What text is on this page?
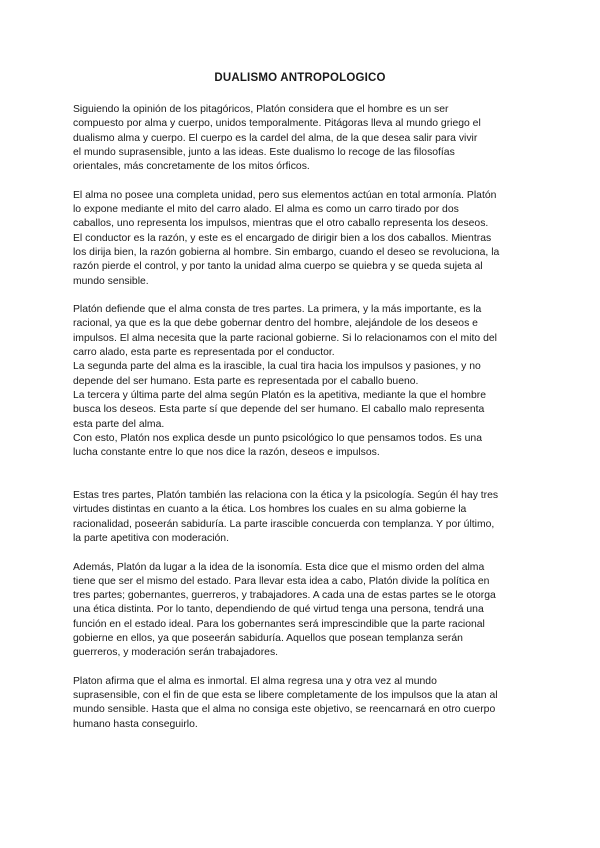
DUALISMO ANTROPOLOGICO
Siguiendo la opinión de los pitagóricos, Platón considera que el hombre es un ser
compuesto por alma y cuerpo, unidos temporalmente. Pitágoras lleva al mundo griego el
dualismo alma y cuerpo. El cuerpo es la cardel del alma, de la que desea salir para vivir
el mundo suprasensible, junto a las ideas. Este dualismo lo recoge de las filosofías
orientales, más concretamente de los mitos órficos.
El alma no posee una completa unidad, pero sus elementos actúan en total armonía. Platón
lo expone mediante el mito del carro alado. El alma es como un carro tirado por dos
caballos, uno representa los impulsos, mientras que el otro caballo representa los deseos.
El conductor es la razón, y este es el encargado de dirigir bien a los dos caballos. Mientras
los dirija bien, la razón gobierna al hombre. Sin embargo, cuando el deseo se revoluciona, la
razón pierde el control, y por tanto la unidad alma cuerpo se quiebra y se queda sujeta al
mundo sensible.
Platón defiende que el alma consta de tres partes. La primera, y la más importante, es la
racional, ya que es la que debe gobernar dentro del hombre, alejándole de los deseos e
impulsos. El alma necesita que la parte racional gobierne. Si lo relacionamos con el mito del
carro alado, esta parte es representada por el conductor.
La segunda parte del alma es la irascible, la cual tira hacia los impulsos y pasiones, y no
depende del ser humano. Esta parte es representada por el caballo bueno.
La tercera y última parte del alma según Platón es la apetitiva, mediante la que el hombre
busca los deseos. Esta parte sí que depende del ser humano. El caballo malo representa
esta parte del alma.
Con esto, Platón nos explica desde un punto psicológico lo que pensamos todos. Es una
lucha constante entre lo que nos dice la razón, deseos e impulsos.
Estas tres partes, Platón también las relaciona con la ética y la psicología. Según él hay tres
virtudes distintas en cuanto a la ética. Los hombres los cuales en su alma gobierne la
racionalidad, poseerán sabiduría. La parte irascible concuerda con templanza. Y por último,
la parte apetitiva con moderación.
Además, Platón da lugar a la idea de la isonomía. Esta dice que el mismo orden del alma
tiene que ser el mismo del estado. Para llevar esta idea a cabo, Platón divide la política en
tres partes; gobernantes, guerreros, y trabajadores. A cada una de estas partes se le otorga
una ética distinta. Por lo tanto, dependiendo de qué virtud tenga una persona, tendrá una
función en el estado ideal. Para los gobernantes será imprescindible que la parte racional
gobierne en ellos, ya que poseerán sabiduría. Aquellos que posean templanza serán
guerreros, y moderación serán trabajadores.
Platon afirma que el alma es inmortal. El alma regresa una y otra vez al mundo
suprasensible, con el fin de que esta se libere completamente de los impulsos que la atan al
mundo sensible. Hasta que el alma no consiga este objetivo, se reencarnará en otro cuerpo
humano hasta conseguirlo.
